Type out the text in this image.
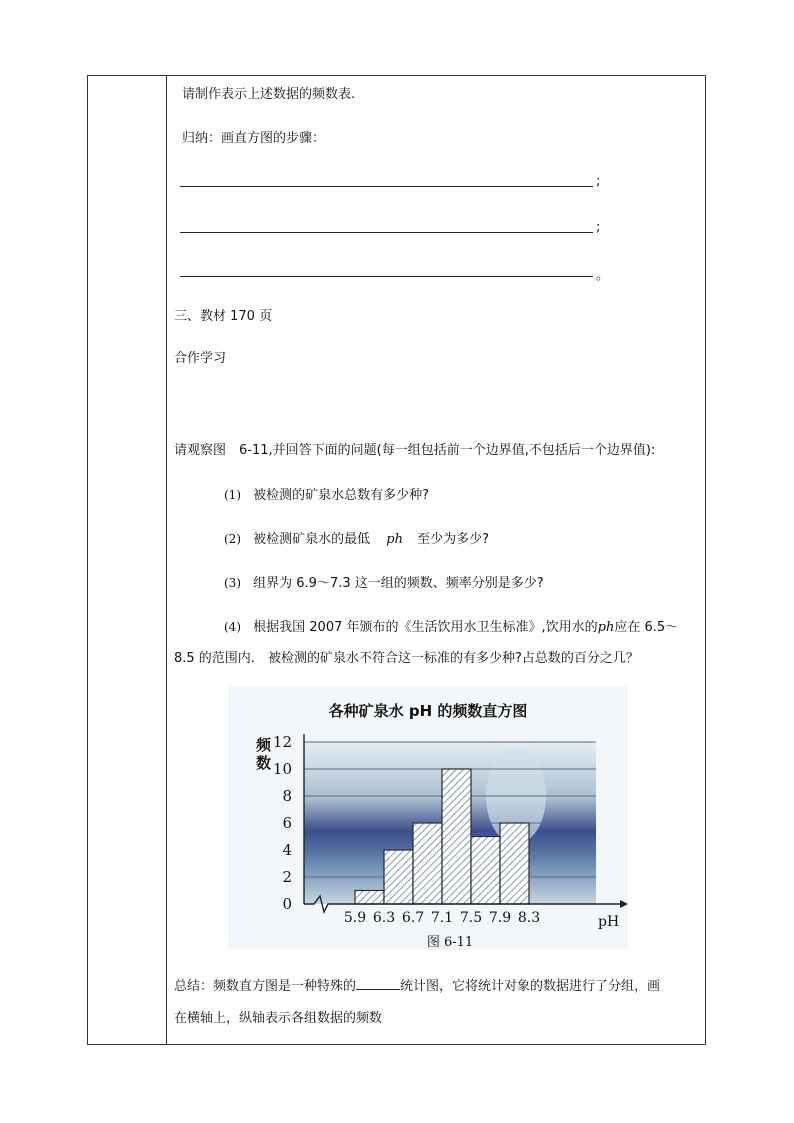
请制作表示上述数据的频数表.
归纳：画直方图的步骤：
;
;
。
三、教材 170 页
合作学习
请观察图　6-11,并回答下面的问题(每一组包括前一个边界值,不包括后一个边界值):
(1) 被检测的矿泉水总数有多少种?
(2) 被检测矿泉水的最低 ph 至少为多少?
(3) 组界为 6.9～7.3 这一组的频数、频率分别是多少?
(4) 根据我国 2007 年颁布的《生活饮用水卫生标准》,饮用水的ph应在 6.5～
8.5 的范围内.　被检测的矿泉水不符合这一标准的有多少种?占总数的百分之几？
0
2
4
6
8
10
12
5.9 6.3 6.7 7.1 7.5 7.9 8.3
各种矿泉水 pH 的频数直方图
频数
pH
图 6-11
总结：频数直方图是一种特殊的	统计图，它将统计对象的数据进行了分组，画
在横轴上，纵轴表示各组数据的频数
